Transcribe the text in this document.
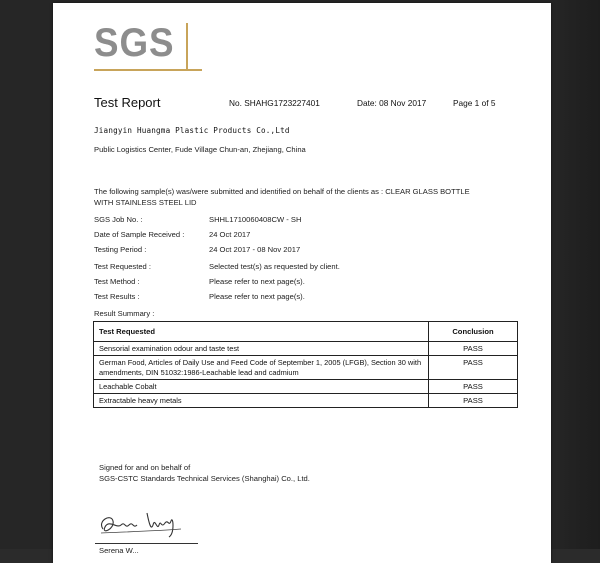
SGS
Test Report	No. SHAHG1723227401	Date: 08 Nov 2017	Page 1 of 5
Jiangyin Huangma Plastic Products Co.,Ltd
Public Logistics Center, Fude Village Chun-an, Zhejiang, China
The following sample(s) was/were submitted and identified on behalf of the clients as : CLEAR GLASS BOTTLE
WITH STAINLESS STEEL LID
SGS Job No. :	SHHL1710060408CW - SH
Date of Sample Received :	24 Oct 2017
Testing Period :	24 Oct 2017 - 08 Nov 2017
Test Requested :	Selected test(s) as requested by client.
Test Method :	Please refer to next page(s).
Test Results :	Please refer to next page(s).
Result Summary :
Test Requested	Conclusion
Sensorial examination odour and taste test	PASS
German Food, Articles of Daily Use and Feed Code of September 1, 2005 (LFGB), Section 30 with amendments, DIN 51032:1986-Leachable lead and cadmium	PASS
Leachable Cobalt	PASS
Extractable heavy metals	PASS
Signed for and on behalf of
SGS-CSTC Standards Technical Services (Shanghai) Co., Ltd.
Serena W...
